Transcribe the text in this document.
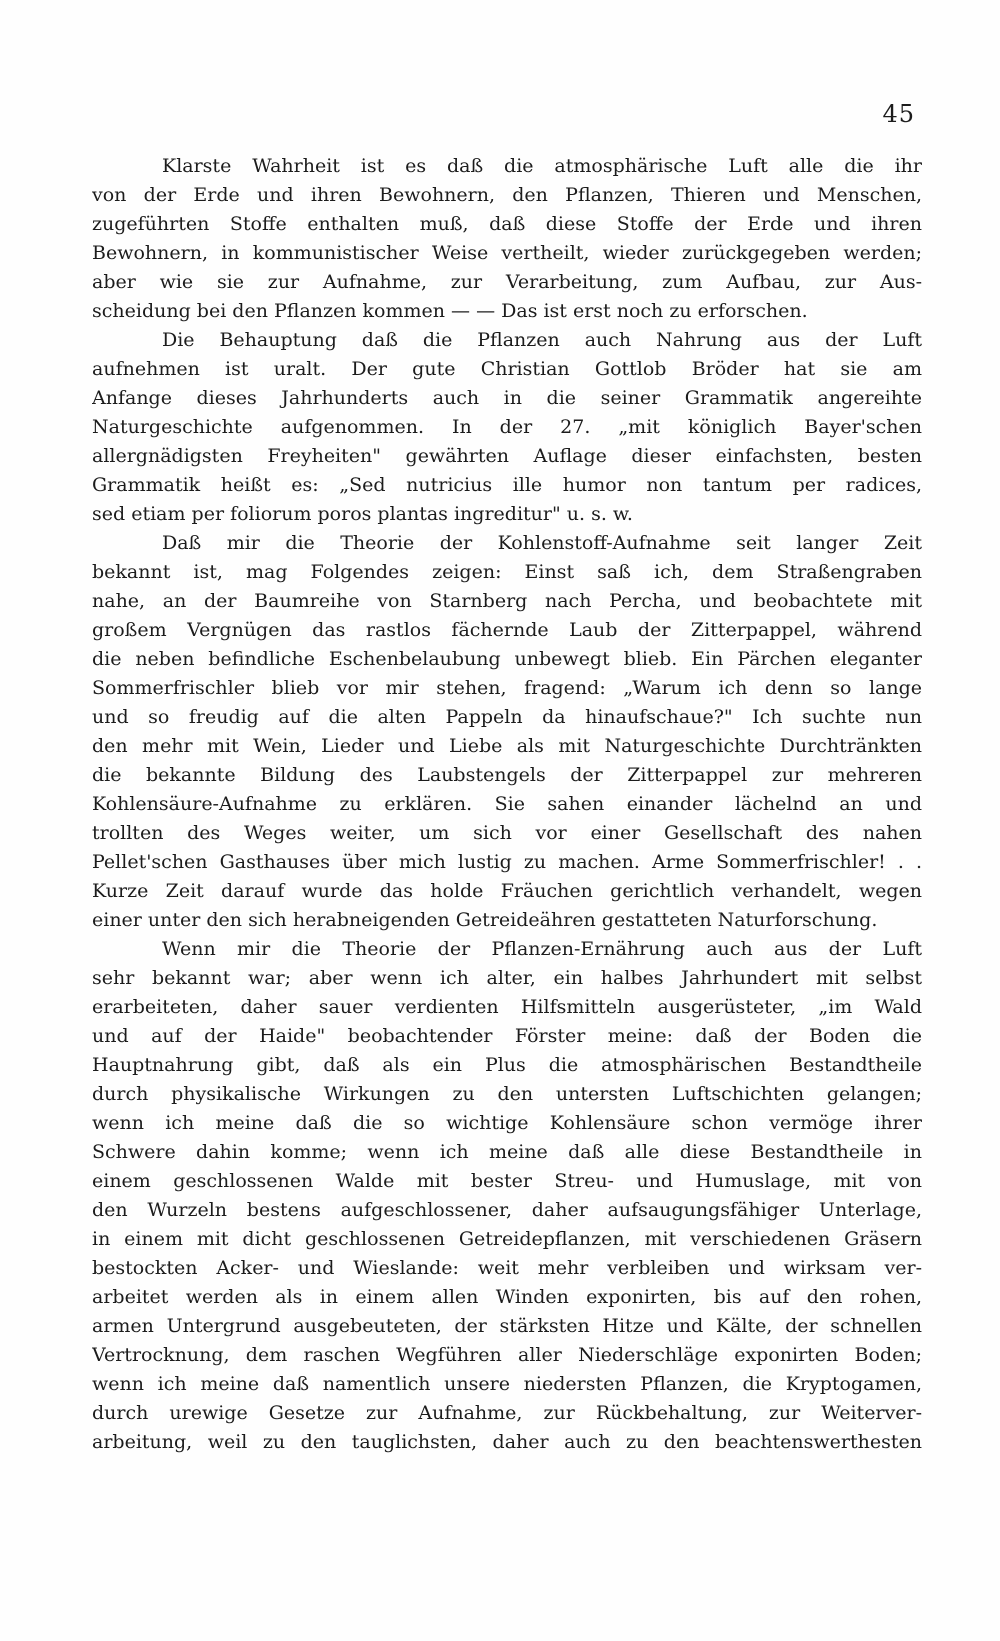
45
Klarste Wahrheit ist es daß die atmosphärische Luft alle die ihr
von der Erde und ihren Bewohnern, den Pflanzen, Thieren und Menschen,
zugeführten Stoffe enthalten muß, daß diese Stoffe der Erde und ihren
Bewohnern, in kommunistischer Weise vertheilt, wieder zurückgegeben werden;
aber wie sie zur Aufnahme, zur Verarbeitung, zum Aufbau, zur Aus-
scheidung bei den Pflanzen kommen — — Das ist erst noch zu erforschen.
Die Behauptung daß die Pflanzen auch Nahrung aus der Luft
aufnehmen ist uralt. Der gute Christian Gottlob Bröder hat sie am
Anfange dieses Jahrhunderts auch in die seiner Grammatik angereihte
Naturgeschichte aufgenommen. In der 27. „mit königlich Bayer'schen
allergnädigsten Freyheiten" gewährten Auflage dieser einfachsten, besten
Grammatik heißt es: „Sed nutricius ille humor non tantum per radices,
sed etiam per foliorum poros plantas ingreditur" u. s. w.
Daß mir die Theorie der Kohlenstoff-Aufnahme seit langer Zeit
bekannt ist, mag Folgendes zeigen: Einst saß ich, dem Straßengraben
nahe, an der Baumreihe von Starnberg nach Percha, und beobachtete mit
großem Vergnügen das rastlos fächernde Laub der Zitterpappel, während
die neben befindliche Eschenbelaubung unbewegt blieb. Ein Pärchen eleganter
Sommerfrischler blieb vor mir stehen, fragend: „Warum ich denn so lange
und so freudig auf die alten Pappeln da hinaufschaue?" Ich suchte nun
den mehr mit Wein, Lieder und Liebe als mit Naturgeschichte Durchtränkten
die bekannte Bildung des Laubstengels der Zitterpappel zur mehreren
Kohlensäure-Aufnahme zu erklären. Sie sahen einander lächelnd an und
trollten des Weges weiter, um sich vor einer Gesellschaft des nahen
Pellet'schen Gasthauses über mich lustig zu machen. Arme Sommerfrischler! . .
Kurze Zeit darauf wurde das holde Fräuchen gerichtlich verhandelt, wegen
einer unter den sich herabneigenden Getreideähren gestatteten Naturforschung.
Wenn mir die Theorie der Pflanzen-Ernährung auch aus der Luft
sehr bekannt war; aber wenn ich alter, ein halbes Jahrhundert mit selbst
erarbeiteten, daher sauer verdienten Hilfsmitteln ausgerüsteter, „im Wald
und auf der Haide" beobachtender Förster meine: daß der Boden die
Hauptnahrung gibt, daß als ein Plus die atmosphärischen Bestandtheile
durch physikalische Wirkungen zu den untersten Luftschichten gelangen;
wenn ich meine daß die so wichtige Kohlensäure schon vermöge ihrer
Schwere dahin komme; wenn ich meine daß alle diese Bestandtheile in
einem geschlossenen Walde mit bester Streu- und Humuslage, mit von
den Wurzeln bestens aufgeschlossener, daher aufsaugungsfähiger Unterlage,
in einem mit dicht geschlossenen Getreidepflanzen, mit verschiedenen Gräsern
bestockten Acker- und Wieslande: weit mehr verbleiben und wirksam ver-
arbeitet werden als in einem allen Winden exponirten, bis auf den rohen,
armen Untergrund ausgebeuteten, der stärksten Hitze und Kälte, der schnellen
Vertrocknung, dem raschen Wegführen aller Niederschläge exponirten Boden;
wenn ich meine daß namentlich unsere niedersten Pflanzen, die Kryptogamen,
durch urewige Gesetze zur Aufnahme, zur Rückbehaltung, zur Weiterver-
arbeitung, weil zu den tauglichsten, daher auch zu den beachtenswerthesten
